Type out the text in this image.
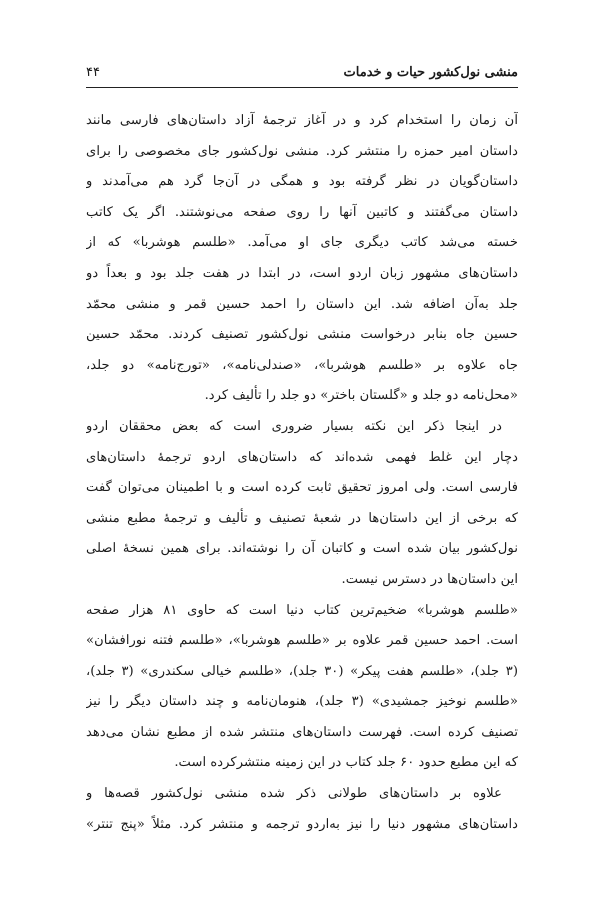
منشی نول‌کشور حیات و خدمات
۴۴
آن زمان را استخدام کرد و در آغاز ترجمۀ آزاد داستان‌های فارسی مانند
داستان امیر حمزه را منتشر کرد. منشی نول‌کشور جای مخصوصی را برای
داستان‌گویان در نظر گرفته بود و همگی در آن‌جا گرد هم می‌آمدند و
داستان می‌گفتند و کاتبین آنها را روی صفحه می‌نوشتند. اگر یک کاتب
خسته می‌شد کاتب دیگری جای او می‌آمد. «طلسم هوشربا» که از
داستان‌های مشهور زبان اردو است، در ابتدا در هفت جلد بود و بعداً دو
جلد به‌آن اضافه شد. این داستان را احمد حسین قمر و منشی محمّد
حسین جاه بنابر درخواست منشی نول‌کشور تصنیف کردند. محمّد حسین
جاه علاوه بر «طلسم هوشربا»، «صندلی‌نامه»، «تورج‌نامه» دو جلد،
«محل‌نامه دو جلد و «گلستان باختر» دو جلد را تألیف کرد.
در اینجا ذکر این نکته بسیار ضروری است که بعض محققان اردو
دچار این غلط فهمی شده‌اند که داستان‌های اردو ترجمۀ داستان‌های
فارسی است. ولی امروز تحقیق ثابت کرده است و با اطمینان می‌توان گفت
که برخی از این داستان‌ها در شعبۀ تصنیف و تألیف و ترجمۀ مطبع منشی
نول‌کشور بیان شده است و کاتبان آن را نوشته‌اند. برای همین نسخۀ اصلی
این داستان‌ها در دسترس نیست.
«طلسم هوشربا» ضخیم‌ترین کتاب دنیا است که حاوی ۸۱ هزار صفحه
است. احمد حسین قمر علاوه بر «طلسم هوشربا»، «طلسم فتنه نورافشان»
(۳ جلد)، «طلسم هفت پیکر» (۳۰ جلد)، «طلسم خیالی سکندری» (۳ جلد)،
«طلسم نوخیز جمشیدی» (۳ جلد)، هنومان‌نامه و چند داستان دیگر را نیز
تصنیف کرده است. فهرست داستان‌های منتشر شده از مطبع نشان می‌دهد
که این مطبع حدود ۶۰ جلد کتاب در این زمینه منتشرکرده است.
علاوه بر داستان‌های طولانی ذکر شده منشی نول‌کشور قصه‌ها و
داستان‌های مشهور دنیا را نیز به‌اردو ترجمه و منتشر کرد. مثلاً «پنج تنتر»
